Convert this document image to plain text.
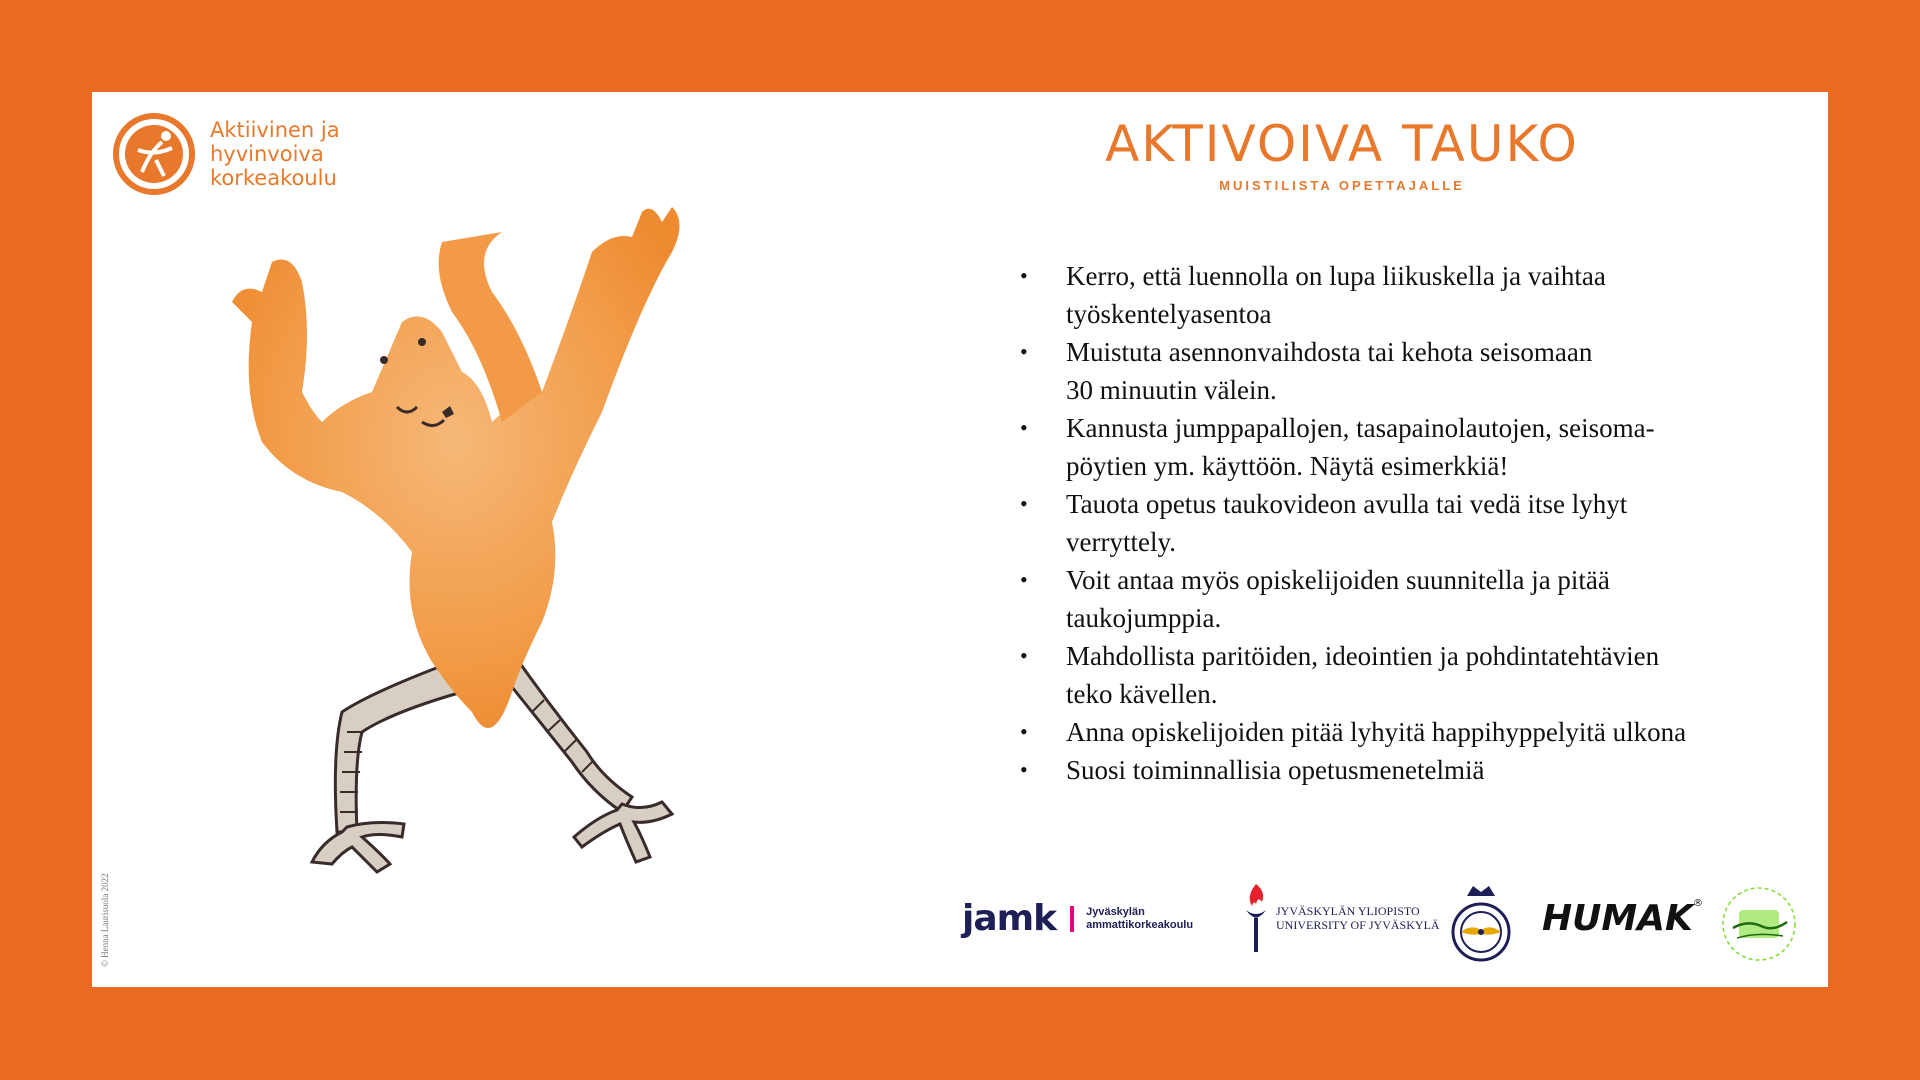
Aktiivinen ja
hyvinvoiva
korkeakoulu
AKTIVOIVA TAUKO
MUISTILISTA OPETTAJALLE
© Henna Laurisuola 2022
• Kerro, että luennolla on lupa liikuskella ja vaihtaa
työskentelyasentoa
• Muistuta asennonvaihdosta tai kehota seisomaan
30 minuutin välein.
• Kannusta jumppapallojen, tasapainolautojen, seisoma-
pöytien ym. käyttöön. Näytä esimerkkiä!
• Tauota opetus taukovideon avulla tai vedä itse lyhyt
verryttely.
• Voit antaa myös opiskelijoiden suunnitella ja pitää
taukojumppia.
• Mahdollista paritöiden, ideointien ja pohdintatehtävien
teko kävellen.
• Anna opiskelijoiden pitää lyhyitä happihyppelyitä ulkona
• Suosi toiminnallisia opetusmenetelmiä
jamk	Jyväskylän
ammattikorkeakoulu
JYVÄSKYLÄN YLIOPISTO
UNIVERSITY OF JYVÄSKYLÄ	HUMAK®
